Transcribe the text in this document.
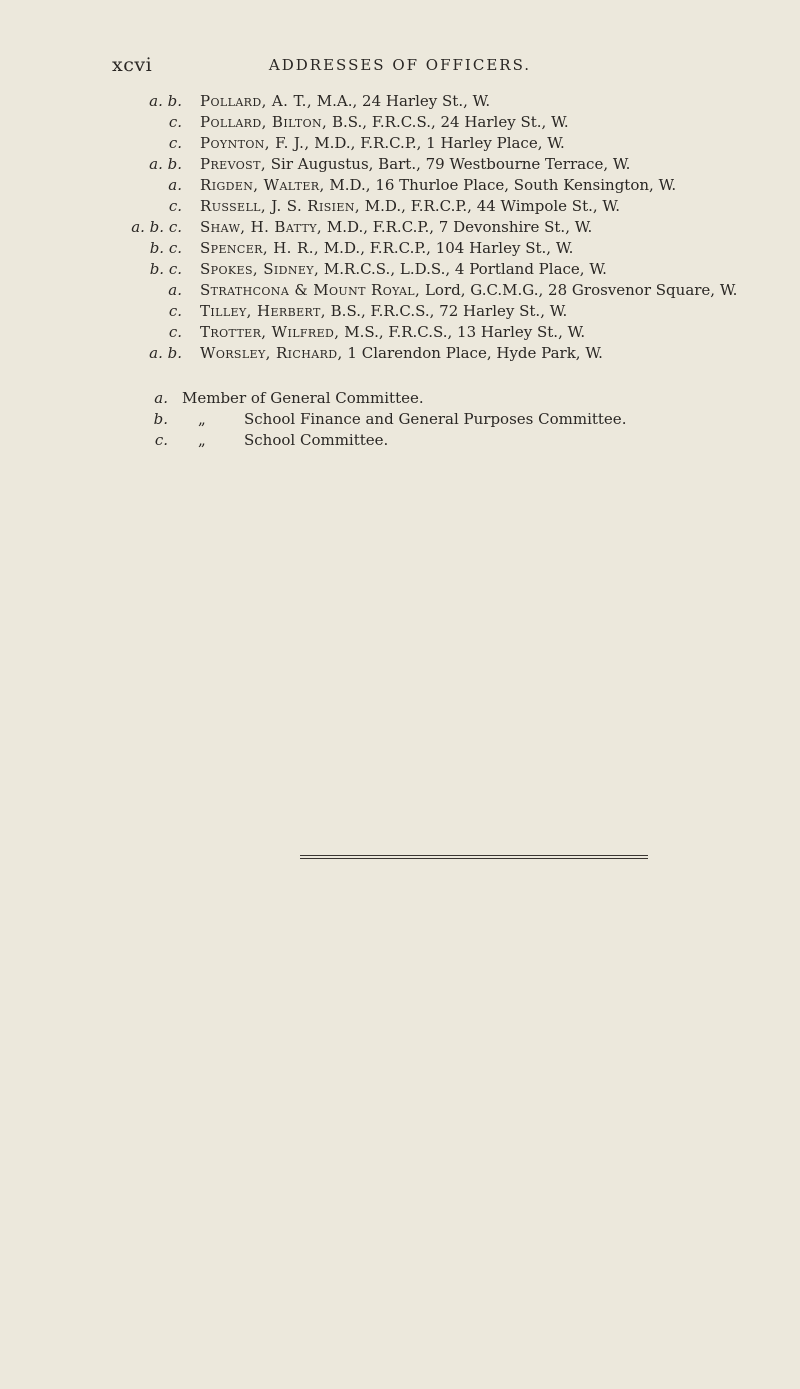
xcvi	ADDRESSES OF OFFICERS.
a. b. Pollard, A. T., M.A., 24 Harley St., W.
c. Pollard, Bilton, B.S., F.R.C.S., 24 Harley St., W.
c. Poynton, F. J., M.D., F.R.C.P., 1 Harley Place, W.
a. b. Prevost, Sir Augustus, Bart., 79 Westbourne Terrace, W.
a. Rigden, Walter, M.D., 16 Thurloe Place, South Kensington, W.
c. Russell, J. S. Risien, M.D., F.R.C.P., 44 Wimpole St., W.
a. b. c. Shaw, H. Batty, M.D., F.R.C.P., 7 Devonshire St., W.
b. c. Spencer, H. R., M.D., F.R.C.P., 104 Harley St., W.
b. c. Spokes, Sidney, M.R.C.S., L.D.S., 4 Portland Place, W.
a. Strathcona & Mount Royal, Lord, G.C.M.G., 28 Grosvenor Square, W.
c. Tilley, Herbert, B.S., F.R.C.S., 72 Harley St., W.
c. Trotter, Wilfred, M.S., F.R.C.S., 13 Harley St., W.
a. b. Worsley, Richard, 1 Clarendon Place, Hyde Park, W.
a. Member of General Committee.
b. „	School Finance and General Purposes Committee.
c. „	School Committee.
